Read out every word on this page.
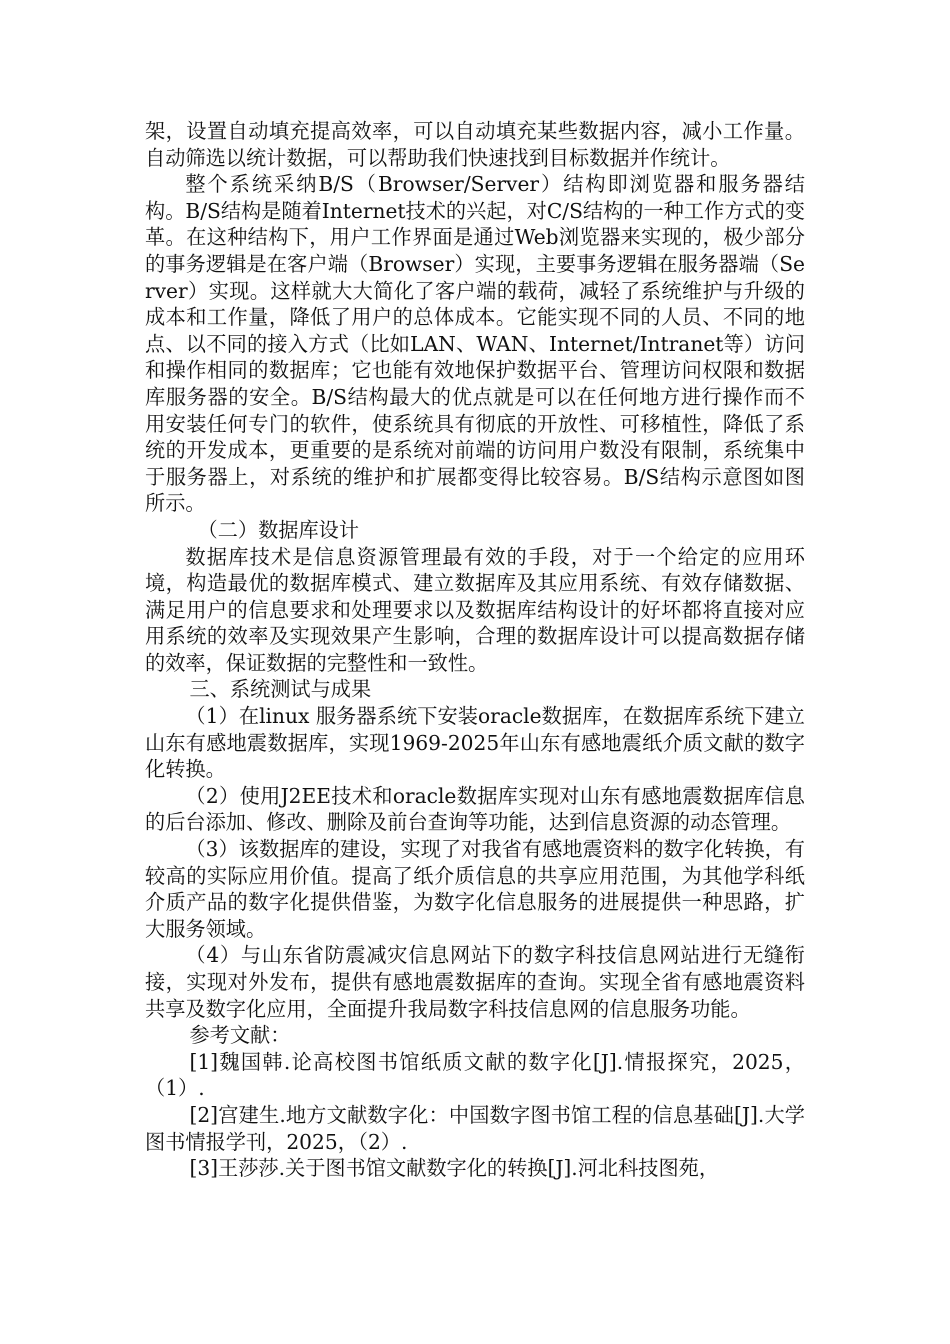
架，设置自动填充提高效率，可以自动填充某些数据内容，减小工作量。自动筛选以统计数据，可以帮助我们快速找到目标数据并作统计。

整个系统采纳B/S（Browser/Server）结构即浏览器和服务器结构。B/S结构是随着Internet技术的兴起，对C/S结构的一种工作方式的变革。在这种结构下，用户工作界面是通过Web浏览器来实现的，极少部分的事务逻辑是在客户端（Browser）实现，主要事务逻辑在服务器端（Server）实现。这样就大大简化了客户端的载荷，减轻了系统维护与升级的成本和工作量，降低了用户的总体成本。它能实现不同的人员、不同的地点、以不同的接入方式（比如LAN、WAN、Internet/Intranet等）访问和操作相同的数据库；它也能有效地保护数据平台、管理访问权限和数据库服务器的安全。B/S结构最大的优点就是可以在任何地方进行操作而不用安装任何专门的软件，使系统具有彻底的开放性、可移植性，降低了系统的开发成本，更重要的是系统对前端的访问用户数没有限制，系统集中于服务器上，对系统的维护和扩展都变得比较容易。B/S结构示意图如图所示。

（二）数据库设计

数据库技术是信息资源管理最有效的手段，对于一个给定的应用环境，构造最优的数据库模式、建立数据库及其应用系统、有效存储数据、满足用户的信息要求和处理要求以及数据库结构设计的好坏都将直接对应用系统的效率及实现效果产生影响，合理的数据库设计可以提高数据存储的效率，保证数据的完整性和一致性。

三、系统测试与成果

（1）在linux 服务器系统下安装oracle数据库，在数据库系统下建立山东有感地震数据库，实现1969-2025年山东有感地震纸介质文献的数字化转换。

（2）使用J2EE技术和oracle数据库实现对山东有感地震数据库信息的后台添加、修改、删除及前台查询等功能，达到信息资源的动态管理。

（3）该数据库的建设，实现了对我省有感地震资料的数字化转换，有较高的实际应用价值。提高了纸介质信息的共享应用范围，为其他学科纸介质产品的数字化提供借鉴，为数字化信息服务的进展提供一种思路，扩大服务领域。

（4）与山东省防震减灾信息网站下的数字科技信息网站进行无缝衔接，实现对外发布，提供有感地震数据库的查询。实现全省有感地震资料共享及数字化应用，全面提升我局数字科技信息网的信息服务功能。

参考文献：

[1]魏国韩.论高校图书馆纸质文献的数字化[J].情报探究，2025，（1）.

[2]宫建生.地方文献数字化：中国数字图书馆工程的信息基础[J].大学图书情报学刊，2025，（2）.

[3]王莎莎.关于图书馆文献数字化的转换[J].河北科技图苑，
